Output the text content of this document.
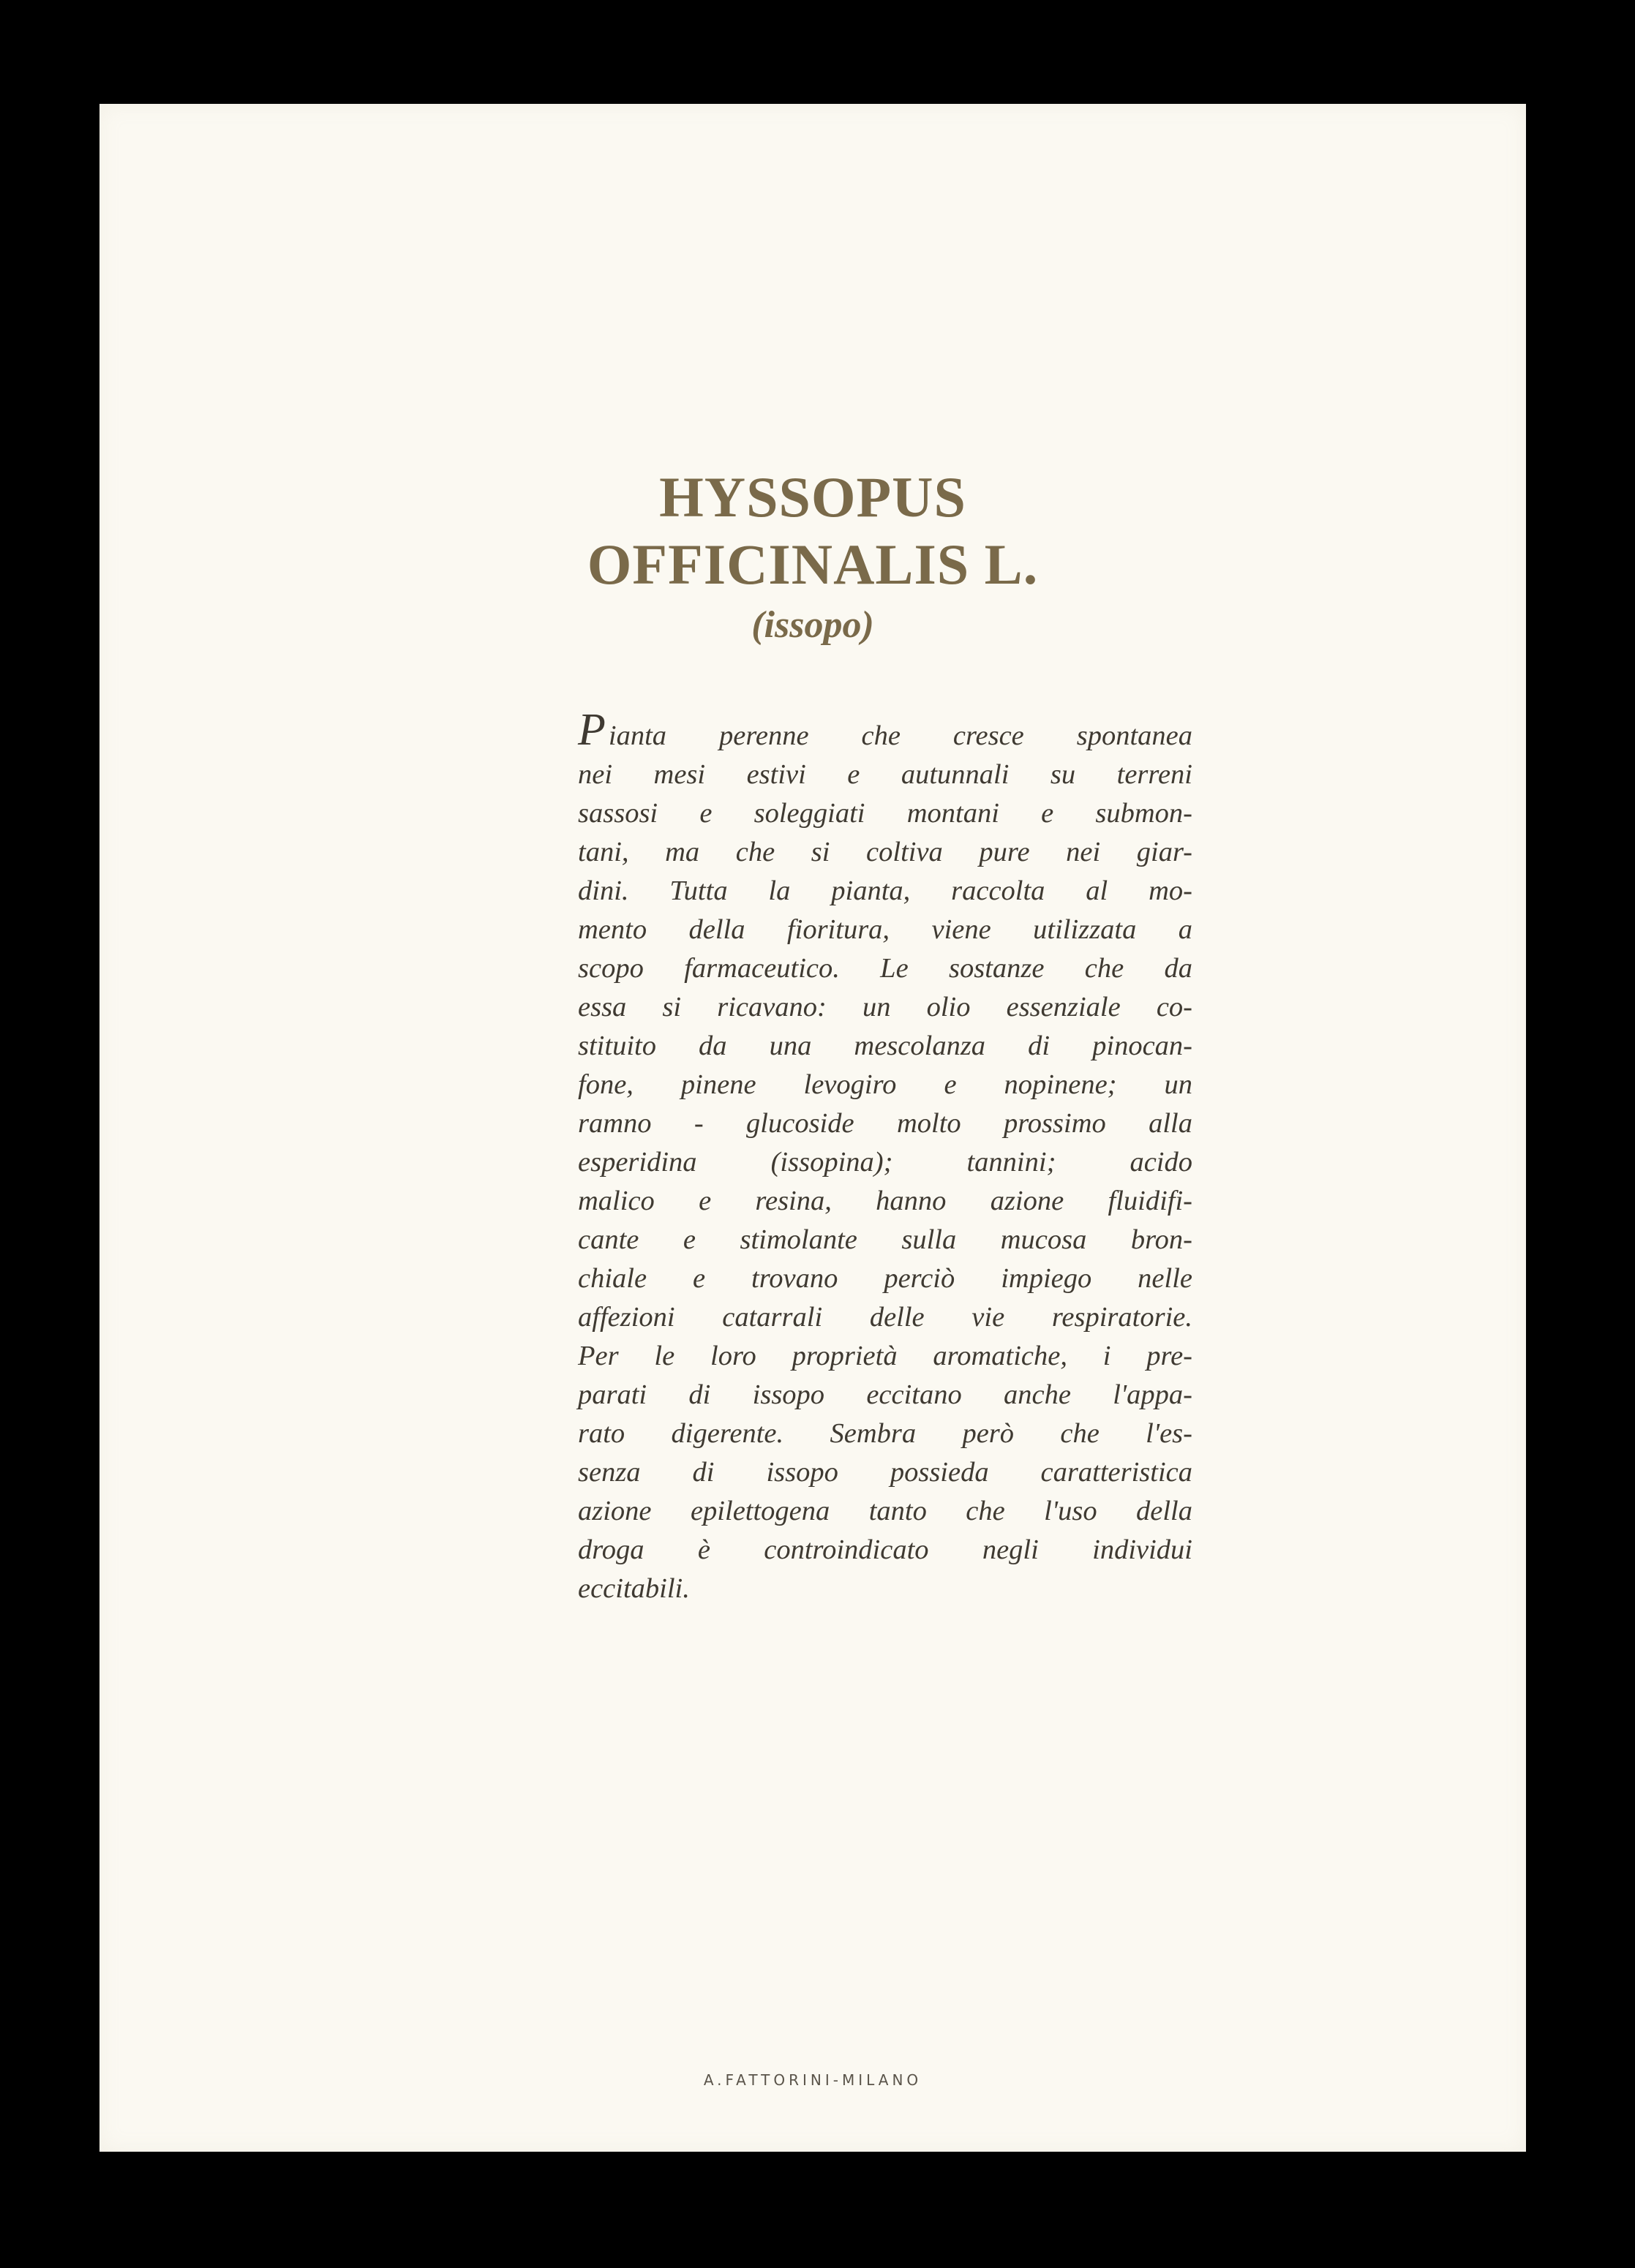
HYSSOPUS
OFFICINALIS L.
(issopo)
Pianta perenne che cresce spontanea
nei mesi estivi e autunnali su terreni
sassosi e soleggiati montani e submon-
tani, ma che si coltiva pure nei giar-
dini. Tutta la pianta, raccolta al mo-
mento della fioritura, viene utilizzata a
scopo farmaceutico. Le sostanze che da
essa si ricavano: un olio essenziale co-
stituito da una mescolanza di pinocan-
fone, pinene levogiro e nopinene; un
ramno - glucoside molto prossimo alla
esperidina (issopina); tannini; acido
malico e resina, hanno azione fluidifi-
cante e stimolante sulla mucosa bron-
chiale e trovano perciò impiego nelle
affezioni catarrali delle vie respiratorie.
Per le loro proprietà aromatiche, i pre-
parati di issopo eccitano anche l'appa-
rato digerente. Sembra però che l'es-
senza di issopo possieda caratteristica
azione epilettogena tanto che l'uso della
droga è controindicato negli individui
eccitabili.
A.FATTORINI-MILANO
